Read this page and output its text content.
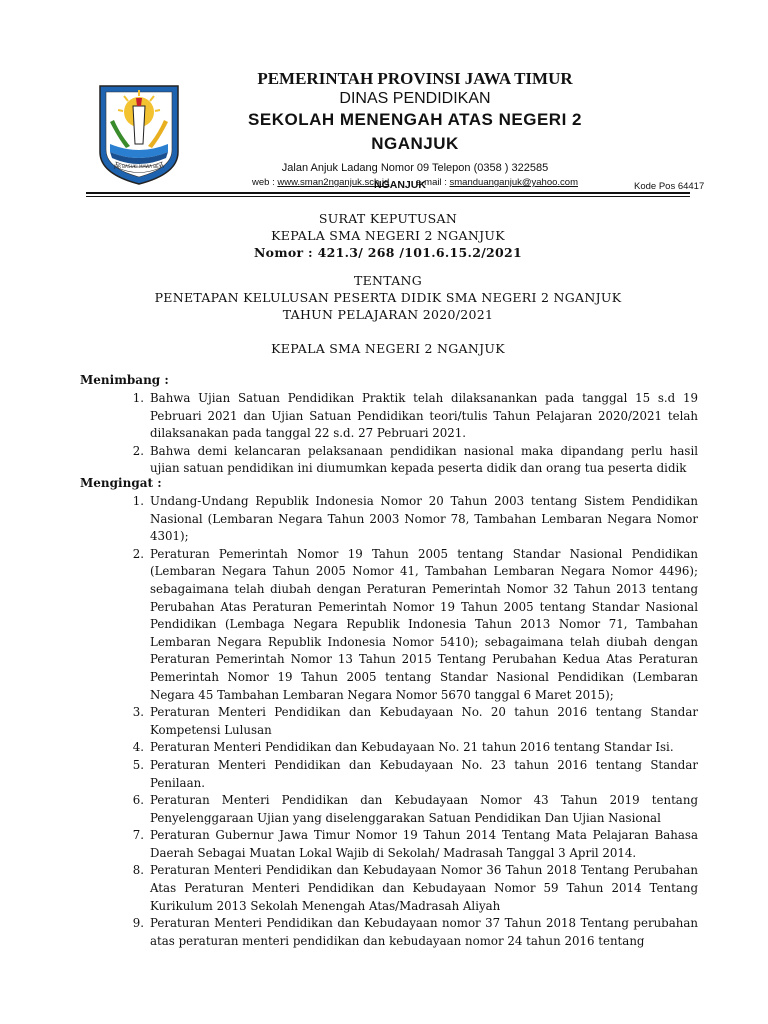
JER BASUKI MAWA BEYA
PEMERINTAH PROVINSI JAWA TIMUR
DINAS PENDIDIKAN
SEKOLAH MENENGAH ATAS NEGERI 2
NGANJUK
Jalan Anjuk Ladang Nomor 09 Telepon (0358 ) 322585
web : www.sman2nganjuk.sch.id	e-mail : smanduanganjuk@yahoo.com
NGANJUK	Kode Pos 64417
SURAT KEPUTUSAN
KEPALA SMA NEGERI 2 NGANJUK
Nomor : 421.3/ 268 /101.6.15.2/2021
TENTANG
PENETAPAN KELULUSAN PESERTA DIDIK SMA NEGERI 2 NGANJUK
TAHUN PELAJARAN 2020/2021
KEPALA SMA NEGERI 2 NGANJUK
Menimbang :
1. Bahwa Ujian Satuan Pendidikan Praktik telah dilaksanankan pada tanggal 15 s.d 19 Pebruari 2021 dan Ujian Satuan Pendidikan teori/tulis Tahun Pelajaran 2020/2021 telah dilaksanakan pada tanggal 22 s.d. 27 Pebruari 2021.
2. Bahwa demi kelancaran pelaksanaan pendidikan nasional maka dipandang perlu hasil ujian satuan pendidikan ini diumumkan kepada peserta didik dan orang tua peserta didik
Mengingat :
1. Undang-Undang Republik Indonesia Nomor 20 Tahun 2003 tentang Sistem Pendidikan Nasional (Lembaran Negara Tahun 2003 Nomor 78, Tambahan Lembaran Negara Nomor 4301);
2. Peraturan Pemerintah Nomor 19 Tahun 2005 tentang Standar Nasional Pendidikan (Lembaran Negara Tahun 2005 Nomor 41, Tambahan Lembaran Negara Nomor 4496); sebagaimana telah diubah dengan Peraturan Pemerintah Nomor 32 Tahun 2013 tentang Perubahan Atas Peraturan Pemerintah Nomor 19 Tahun 2005 tentang Standar Nasional Pendidikan (Lembaga Negara Republik Indonesia Tahun 2013 Nomor 71, Tambahan Lembaran Negara Republik Indonesia Nomor 5410); sebagaimana telah diubah dengan Peraturan Pemerintah Nomor 13 Tahun 2015 Tentang Perubahan Kedua Atas Peraturan Pemerintah Nomor 19 Tahun 2005 tentang Standar Nasional Pendidikan (Lembaran Negara 45 Tambahan Lembaran Negara Nomor 5670 tanggal 6 Maret 2015);
3. Peraturan Menteri Pendidikan dan Kebudayaan No. 20 tahun 2016 tentang Standar Kompetensi Lulusan
4. Peraturan Menteri Pendidikan dan Kebudayaan No. 21 tahun 2016 tentang Standar Isi.
5. Peraturan Menteri Pendidikan dan Kebudayaan No. 23 tahun 2016 tentang Standar Penilaan.
6. Peraturan Menteri Pendidikan dan Kebudayaan Nomor 43 Tahun 2019 tentang Penyelenggaraan Ujian yang diselenggarakan Satuan Pendidikan Dan Ujian Nasional
7. Peraturan Gubernur Jawa Timur Nomor 19 Tahun 2014 Tentang Mata Pelajaran Bahasa Daerah Sebagai Muatan Lokal Wajib di Sekolah/ Madrasah Tanggal 3 April 2014.
8. Peraturan Menteri Pendidikan dan Kebudayaan Nomor 36 Tahun 2018 Tentang Perubahan Atas Peraturan Menteri Pendidikan dan Kebudayaan Nomor 59 Tahun 2014 Tentang Kurikulum 2013 Sekolah Menengah Atas/Madrasah Aliyah
9. Peraturan Menteri Pendidikan dan Kebudayaan nomor 37 Tahun 2018 Tentang perubahan atas peraturan menteri pendidikan dan kebudayaan nomor 24 tahun 2016 tentang
